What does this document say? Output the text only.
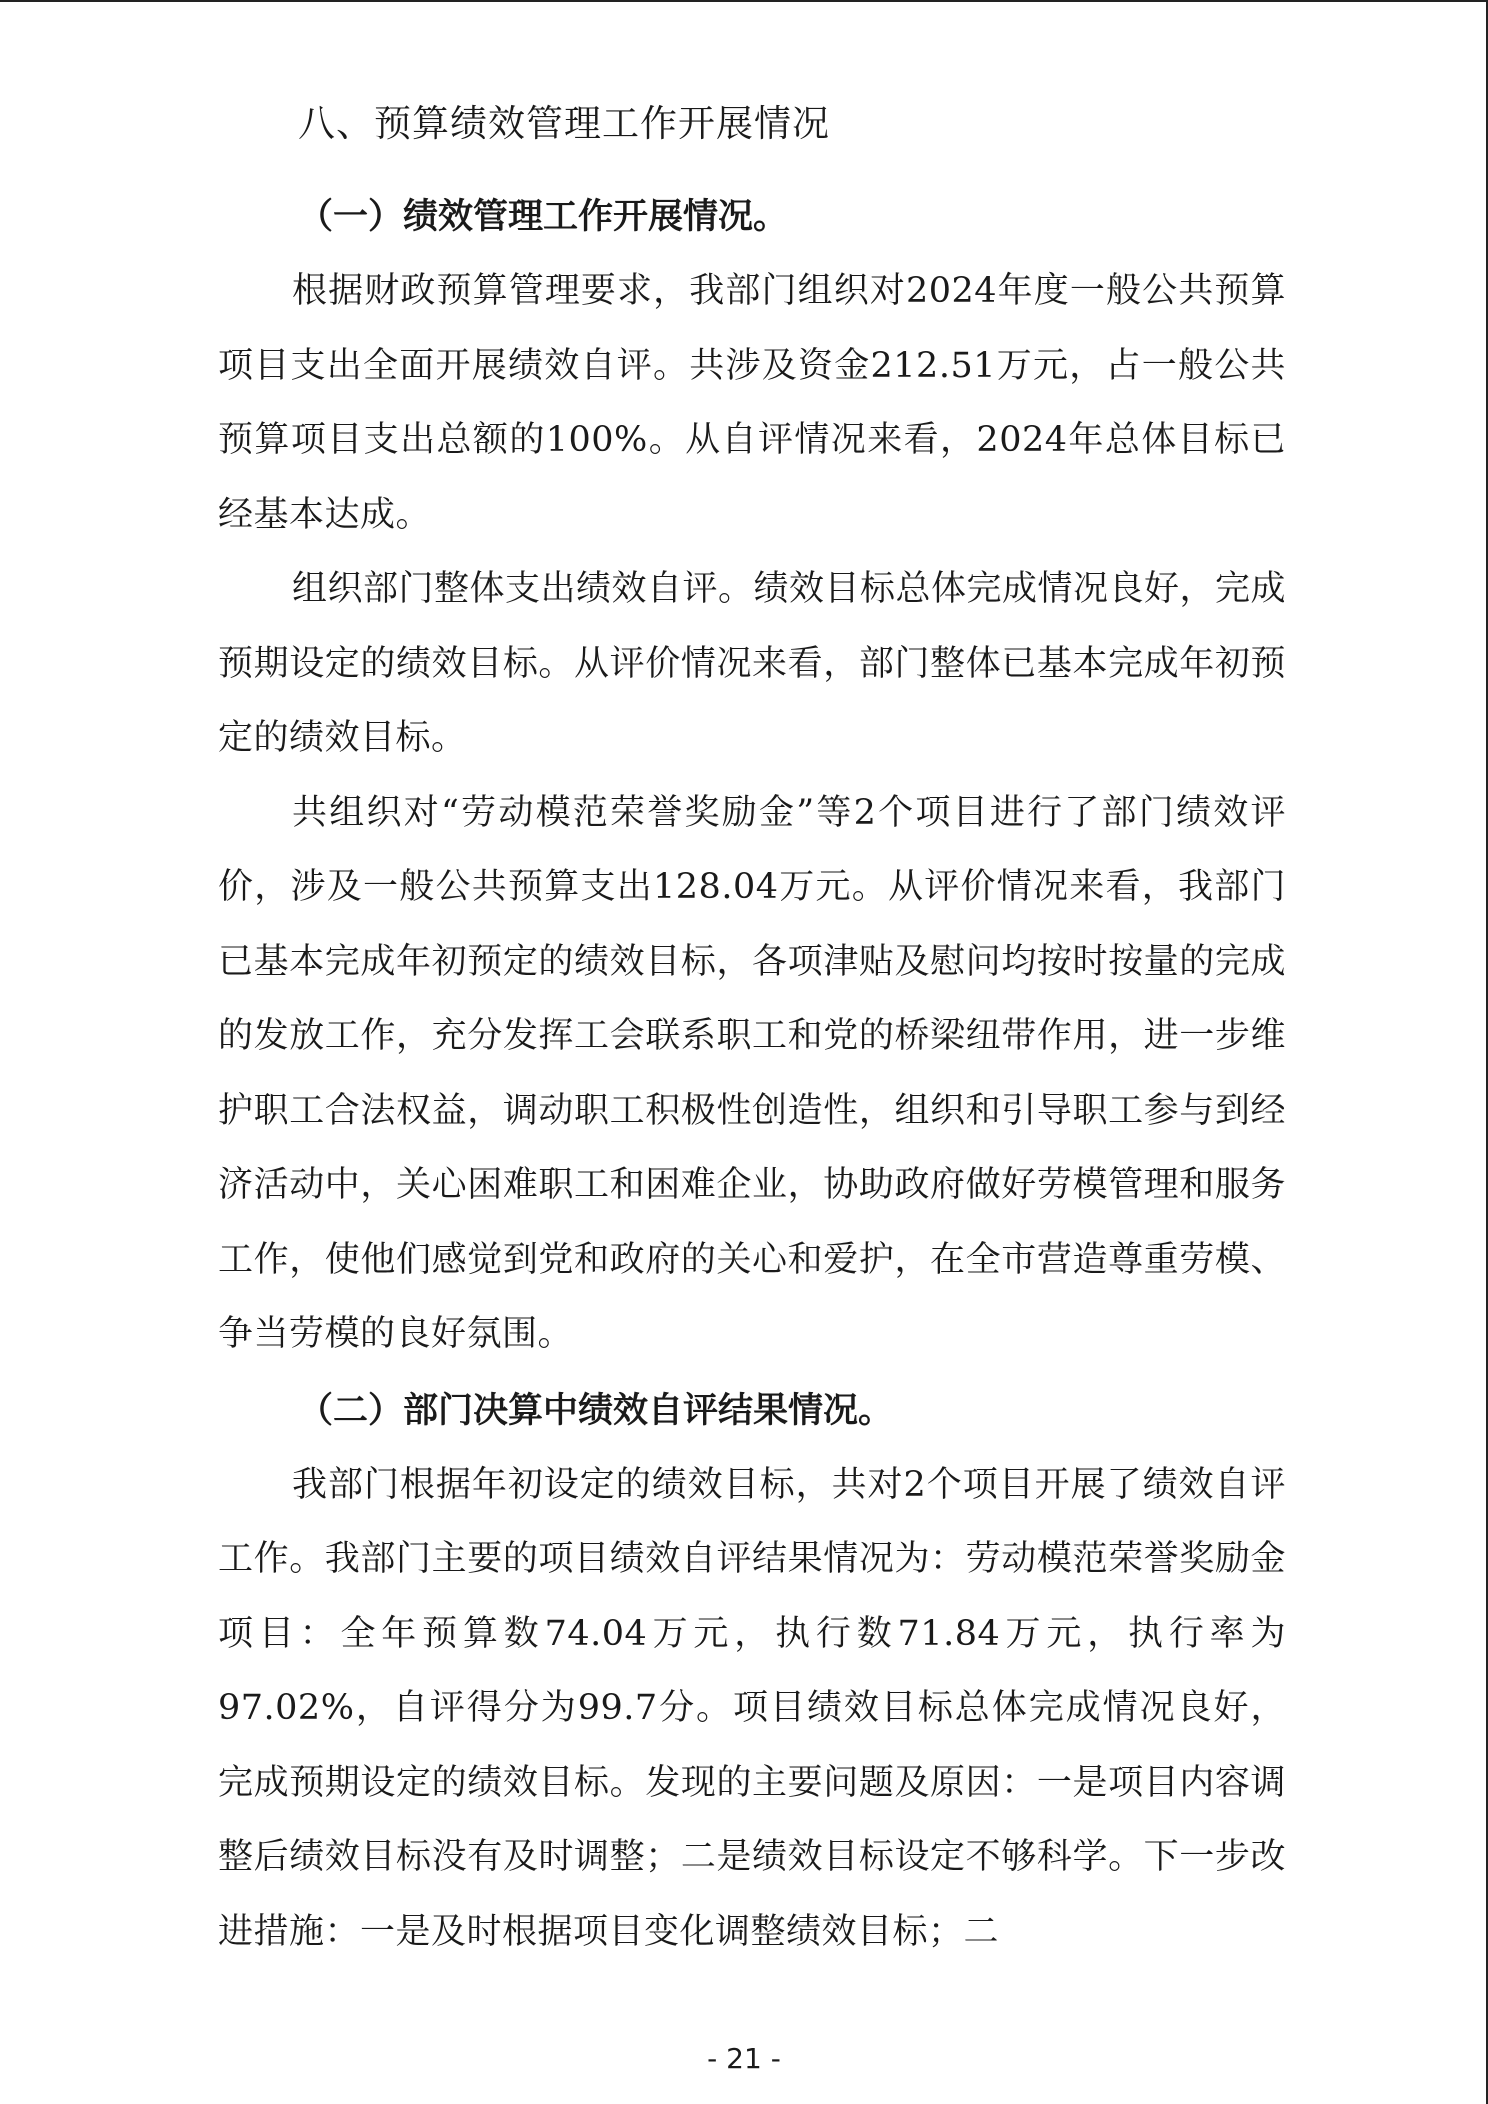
八、预算绩效管理工作开展情况
（一）绩效管理工作开展情况。

根据财政预算管理要求，我部门组织对2024年度一般公共预算项目支出全面开展绩效自评。共涉及资金212.51万元，占一般公共预算项目支出总额的100%。从自评情况来看，2024年总体目标已经基本达成。

组织部门整体支出绩效自评。绩效目标总体完成情况良好，完成预期设定的绩效目标。从评价情况来看，部门整体已基本完成年初预定的绩效目标。

共组织对“劳动模范荣誉奖励金”等2个项目进行了部门绩效评价，涉及一般公共预算支出128.04万元。从评价情况来看，我部门已基本完成年初预定的绩效目标，各项津贴及慰问均按时按量的完成的发放工作，充分发挥工会联系职工和党的桥梁纽带作用，进一步维护职工合法权益，调动职工积极性创造性，组织和引导职工参与到经济活动中，关心困难职工和困难企业，协助政府做好劳模管理和服务工作，使他们感觉到党和政府的关心和爱护，在全市营造尊重劳模、争当劳模的良好氛围。

（二）部门决算中绩效自评结果情况。

我部门根据年初设定的绩效目标，共对2个项目开展了绩效自评工作。我部门主要的项目绩效自评结果情况为：劳动模范荣誉奖励金项目：全年预算数74.04万元，执行数71.84万元，执行率为97.02%，自评得分为99.7分。项目绩效目标总体完成情况良好，完成预期设定的绩效目标。发现的主要问题及原因：一是项目内容调整后绩效目标没有及时调整；二是绩效目标设定不够科学。下一步改进措施：一是及时根据项目变化调整绩效目标；二

- 21 -
